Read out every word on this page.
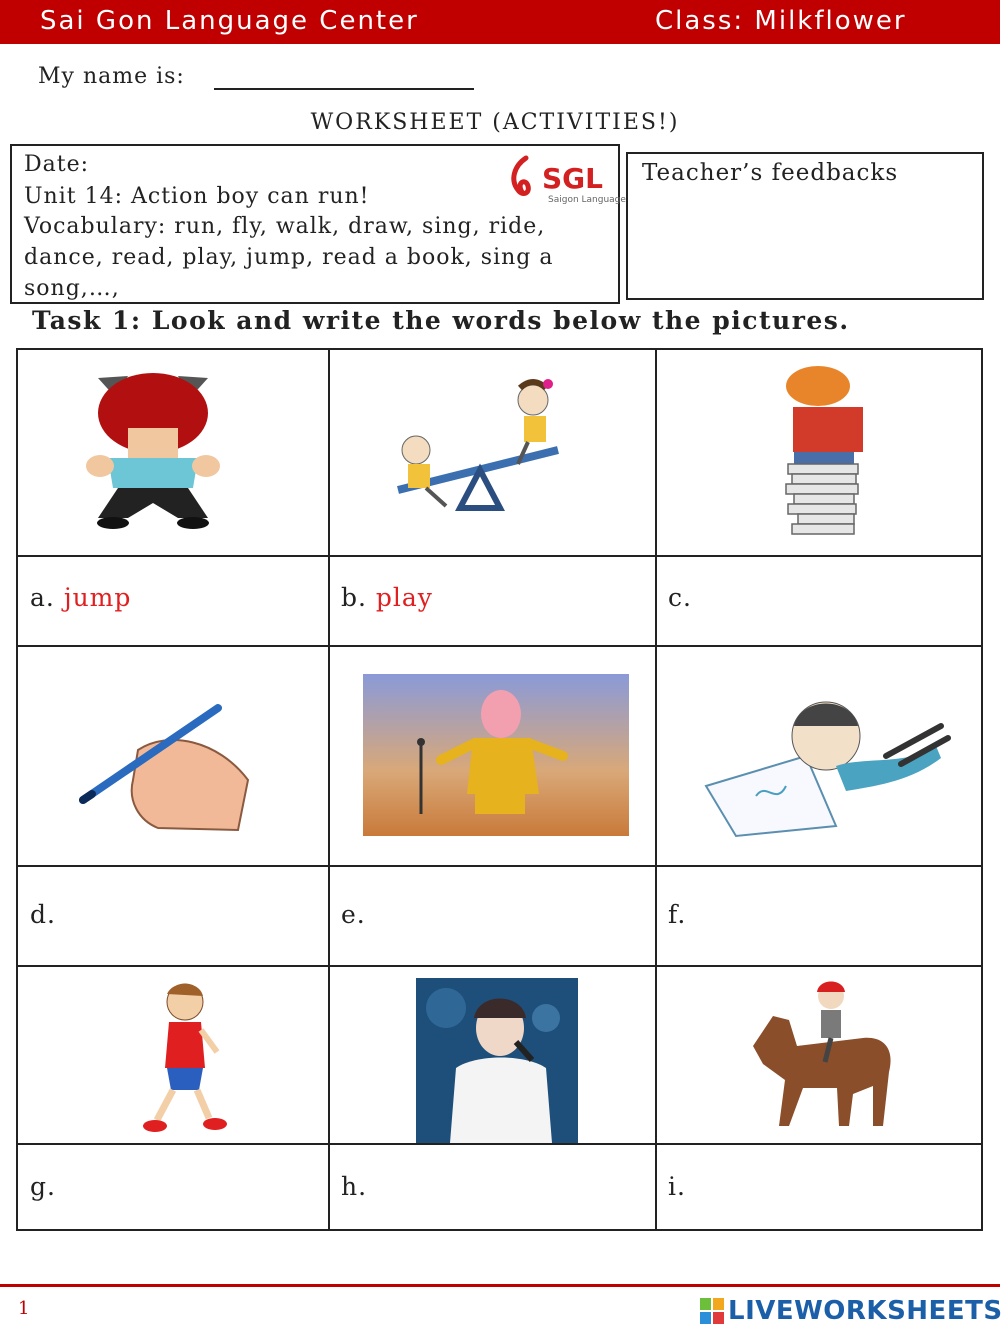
Sai Gon Language Center	Class: Milkflower
My name is:
WORKSHEET (ACTIVITIES!)
Date:
Unit 14: Action boy can run!
Vocabulary: run, fly, walk, draw, sing, ride,
dance, read, play, jump, read a book, sing a
song,…,
SGL
Saigon Language
Teacher’s feedbacks
Task 1: Look and write the words below the pictures.
a. jump	b. play	c.
d.	e.	f.
g.	h.	i.
1	LIVEWORKSHEETS
